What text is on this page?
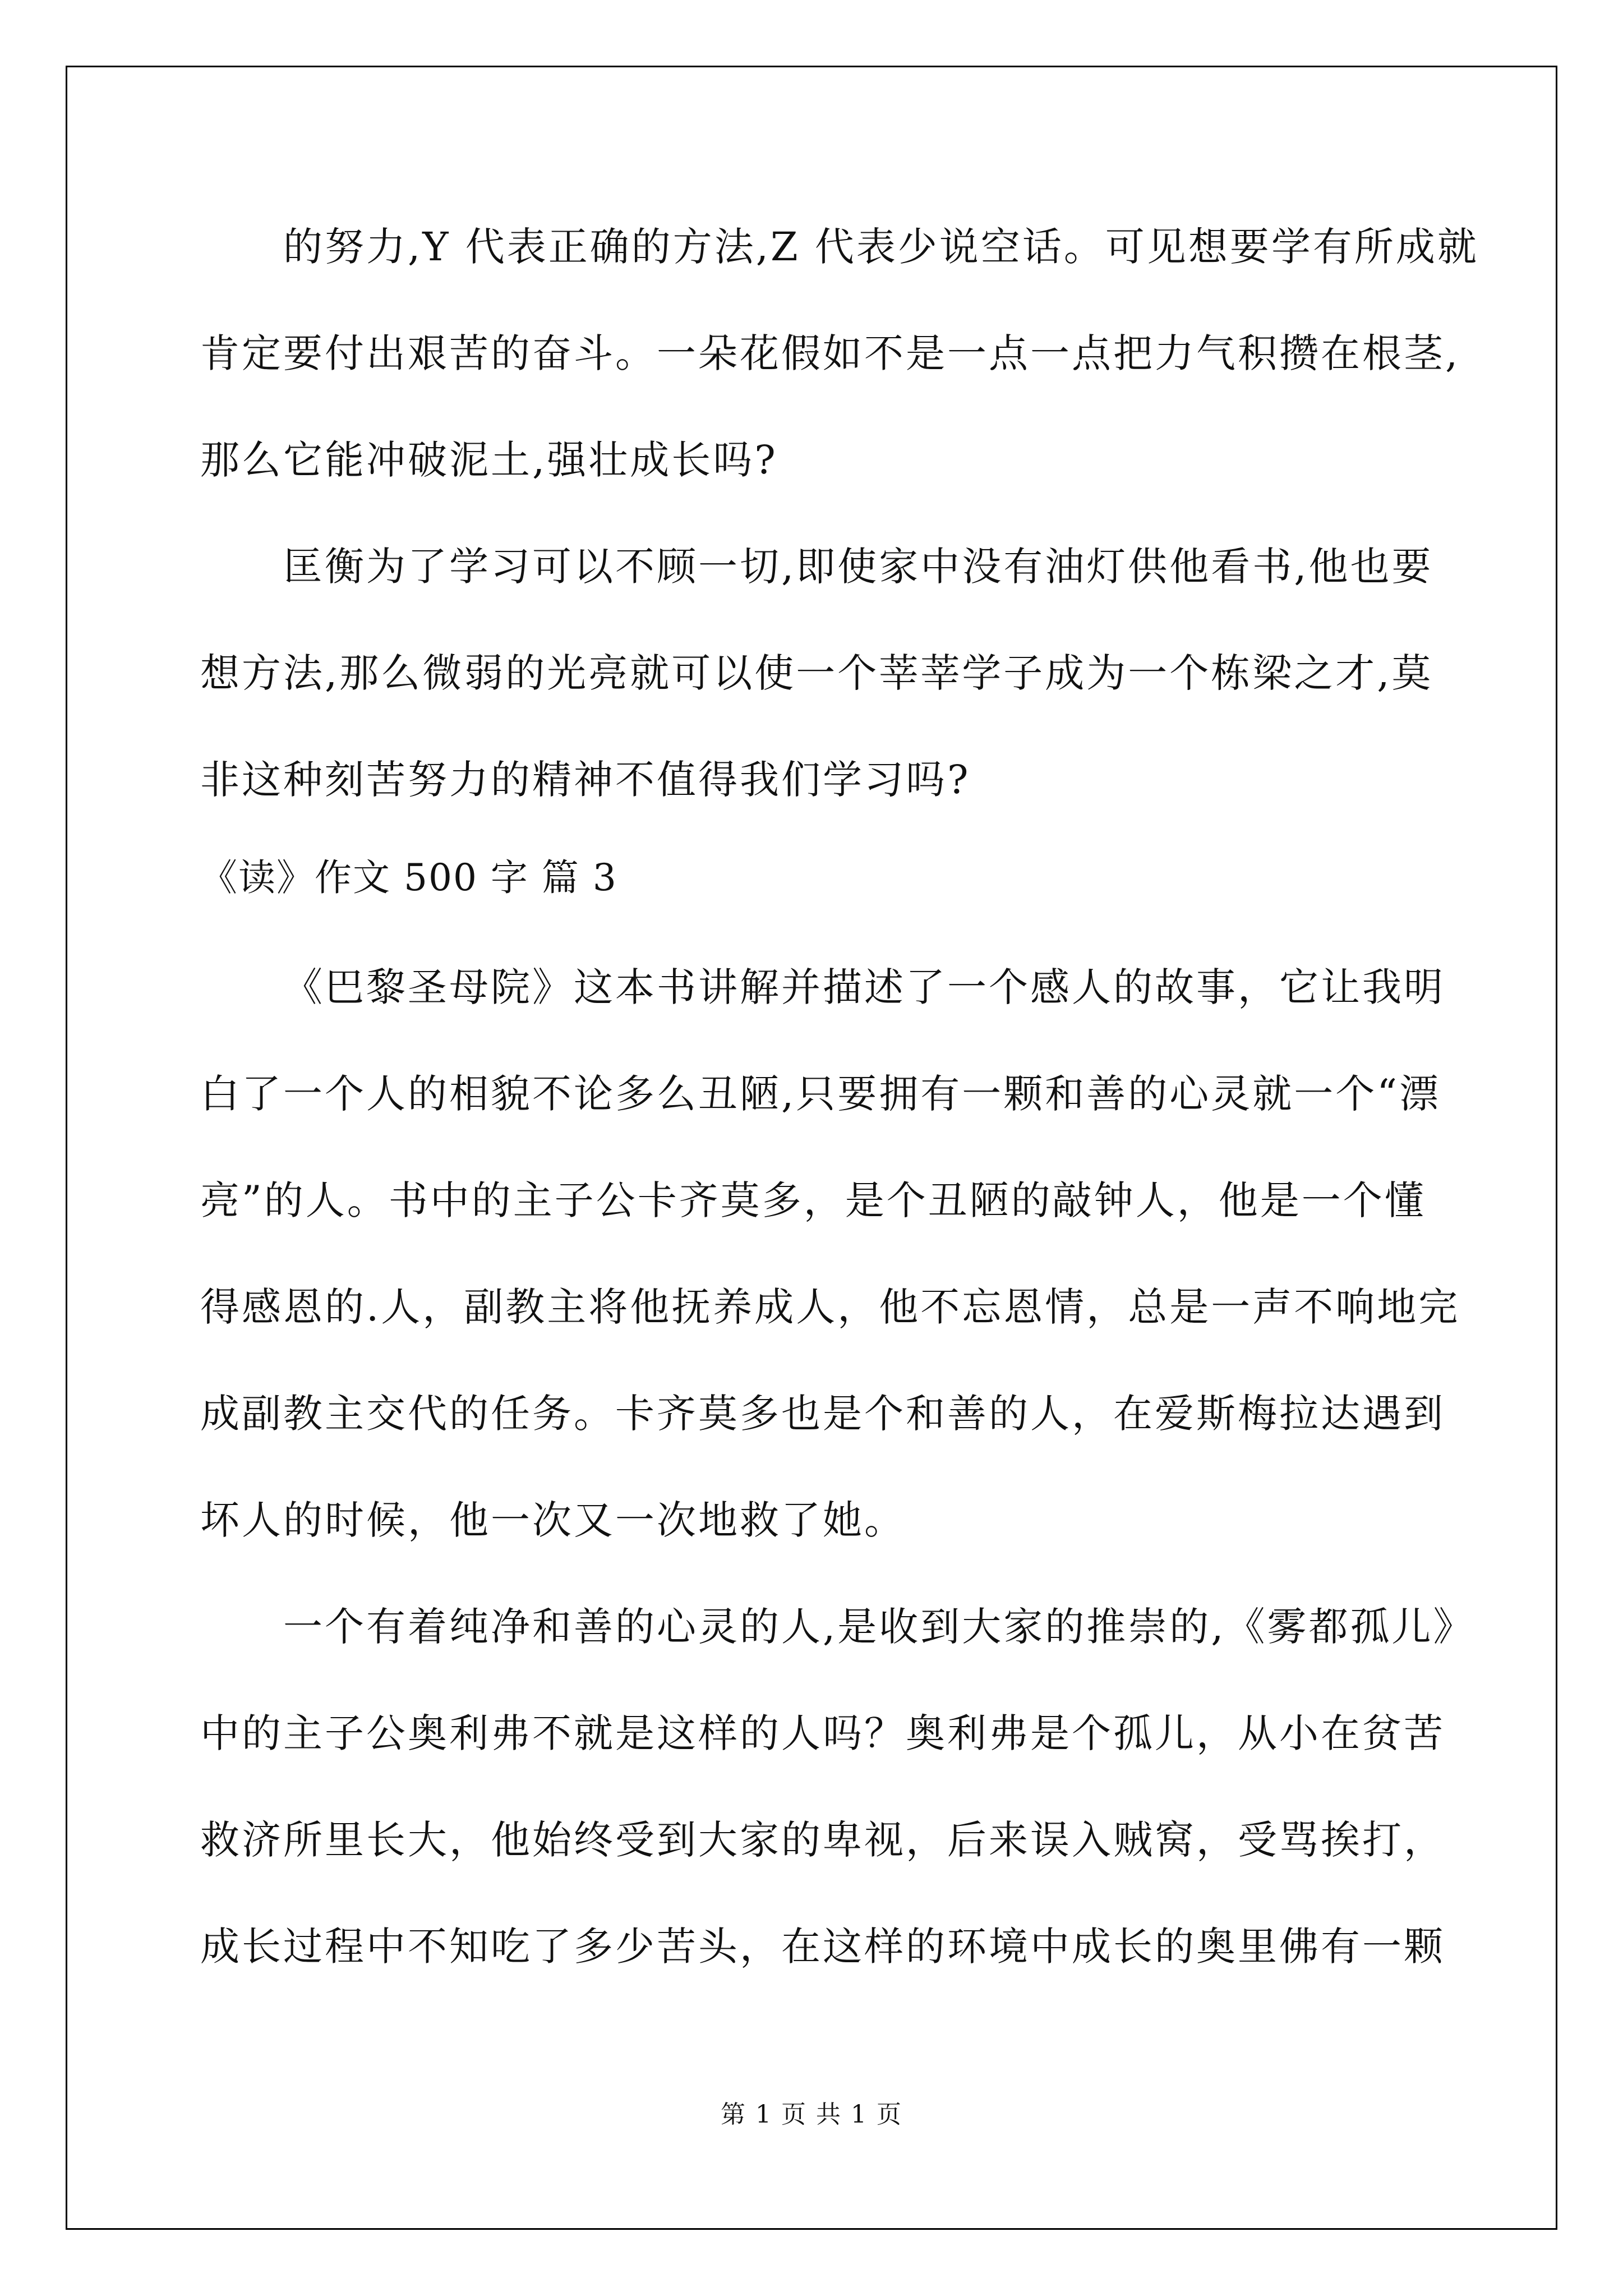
的努力,Y 代表正确的方法,Z 代表少说空话。可见想要学有所成就
肯定要付出艰苦的奋斗。一朵花假如不是一点一点把力气积攒在根茎,
那么它能冲破泥土,强壮成长吗?
匡衡为了学习可以不顾一切,即使家中没有油灯供他看书,他也要
想方法,那么微弱的光亮就可以使一个莘莘学子成为一个栋梁之才,莫
非这种刻苦努力的精神不值得我们学习吗?
《读》作文 500 字 篇 3
《巴黎圣母院》这本书讲解并描述了一个感人的故事，它让我明
白了一个人的相貌不论多么丑陋,只要拥有一颗和善的心灵就一个“漂
亮”的人。书中的主子公卡齐莫多，是个丑陋的敲钟人，他是一个懂
得感恩的.人，副教主将他抚养成人，他不忘恩情，总是一声不响地完
成副教主交代的任务。卡齐莫多也是个和善的人，在爱斯梅拉达遇到
坏人的时候，他一次又一次地救了她。
一个有着纯净和善的心灵的人,是收到大家的推崇的,《雾都孤儿》
中的主子公奥利弗不就是这样的人吗？奥利弗是个孤儿，从小在贫苦
救济所里长大，他始终受到大家的卑视，后来误入贼窝，受骂挨打，
成长过程中不知吃了多少苦头，在这样的环境中成长的奥里佛有一颗
第 1 页 共 1 页
